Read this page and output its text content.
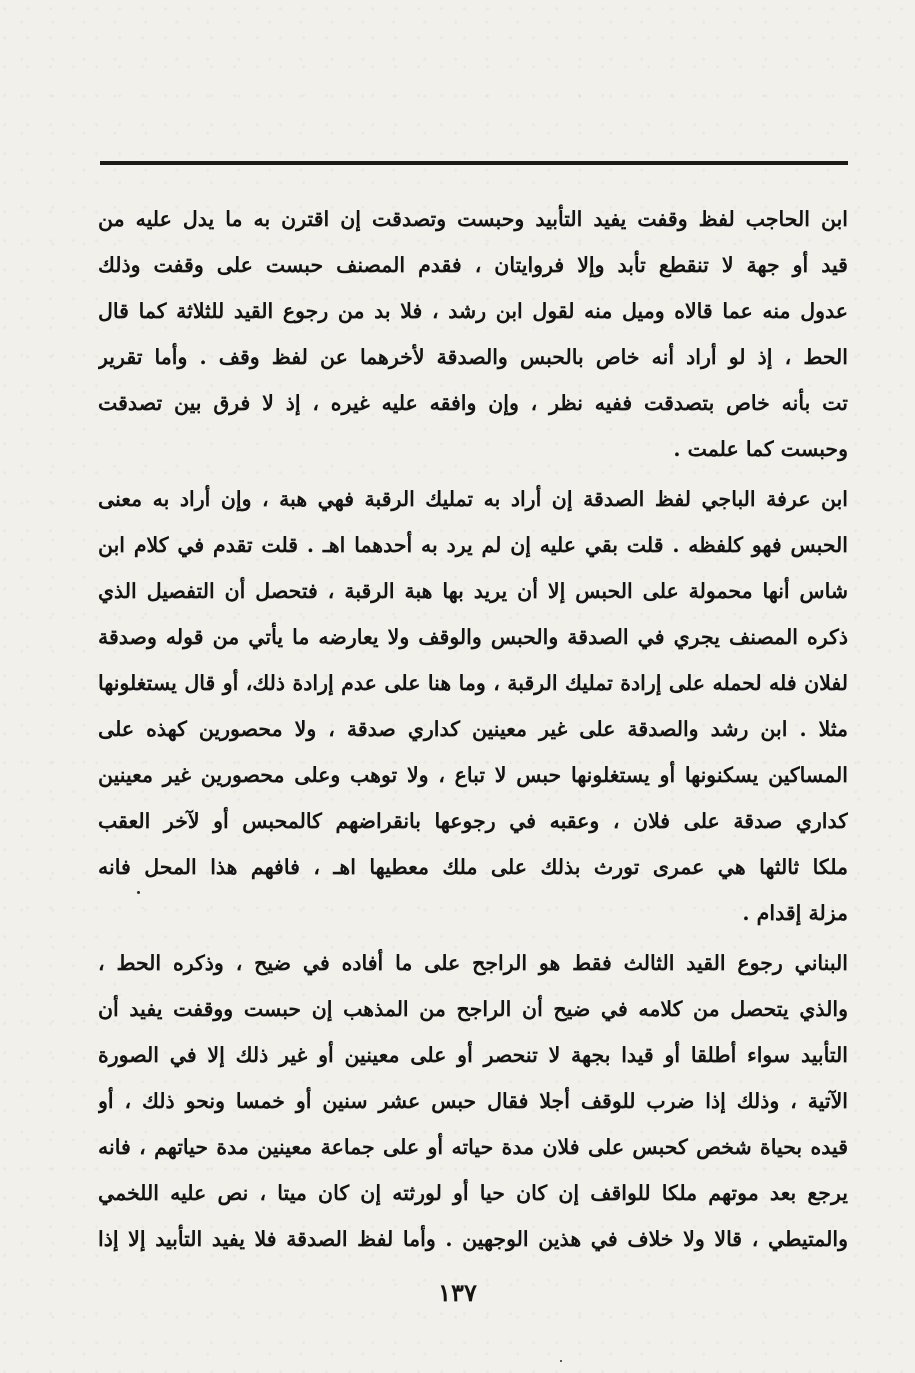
ابن الحاجب لفظ وقفت يفيد التأبيد وحبست وتصدقت إن اقترن به ما يدل عليه من
قيد أو جهة لا تنقطع تأبد وإلا فروايتان ، فقدم المصنف حبست على وقفت وذلك
عدول منه عما قالاه وميل منه لقول ابن رشد ، فلا بد من رجوع القيد للثلاثة كما قال
الحط ، إذ لو أراد أنه خاص بالحبس والصدقة لأخرهما عن لفظ وقف . وأما تقرير
تت بأنه خاص بتصدقت ففيه نظر ، وإن وافقه عليه غيره ، إذ لا فرق بين تصدقت
وحبست كما علمت .
ابن عرفة الباجي لفظ الصدقة إن أراد به تمليك الرقبة فهي هبة ، وإن أراد به معنى
الحبس فهو كلفظه . قلت بقي عليه إن لم يرد به أحدهما اهـ . قلت تقدم في كلام ابن
شاس أنها محمولة على الحبس إلا أن يريد بها هبة الرقبة ، فتحصل أن التفصيل الذي
ذكره المصنف يجري في الصدقة والحبس والوقف ولا يعارضه ما يأتي من قوله وصدقة
لفلان فله لحمله على إرادة تمليك الرقبة ، وما هنا على عدم إرادة ذلك، أو قال يستغلونها
مثلا . ابن رشد والصدقة على غير معينين كداري صدقة ، ولا محصورين كهذه على
المساكين يسكنونها أو يستغلونها حبس لا تباع ، ولا توهب وعلى محصورين غير معينين
كداري صدقة على فلان ، وعقبه في رجوعها بانقراضهم كالمحبس أو لآخر العقب
ملكا ثالثها هي عمرى تورث بذلك على ملك معطيها اهـ ، فافهم هذا المحل فانه
مزلة إقدام .
البناني رجوع القيد الثالث فقط هو الراجح على ما أفاده في ضيح ، وذكره الحط ،
والذي يتحصل من كلامه في ضيح أن الراجح من المذهب إن حبست ووقفت يفيد أن
التأبيد سواء أطلقا أو قيدا بجهة لا تنحصر أو على معينين أو غير ذلك إلا في الصورة
الآتية ، وذلك إذا ضرب للوقف أجلا فقال حبس عشر سنين أو خمسا ونحو ذلك ، أو
قيده بحياة شخص كحبس على فلان مدة حياته أو على جماعة معينين مدة حياتهم ، فانه
يرجع بعد موتهم ملكا للواقف إن كان حيا أو لورثته إن كان ميتا ، نص عليه اللخمي
والمتيطي ، قالا ولا خلاف في هذين الوجهين . وأما لفظ الصدقة فلا يفيد التأبيد إلا إذا
١٣٧
